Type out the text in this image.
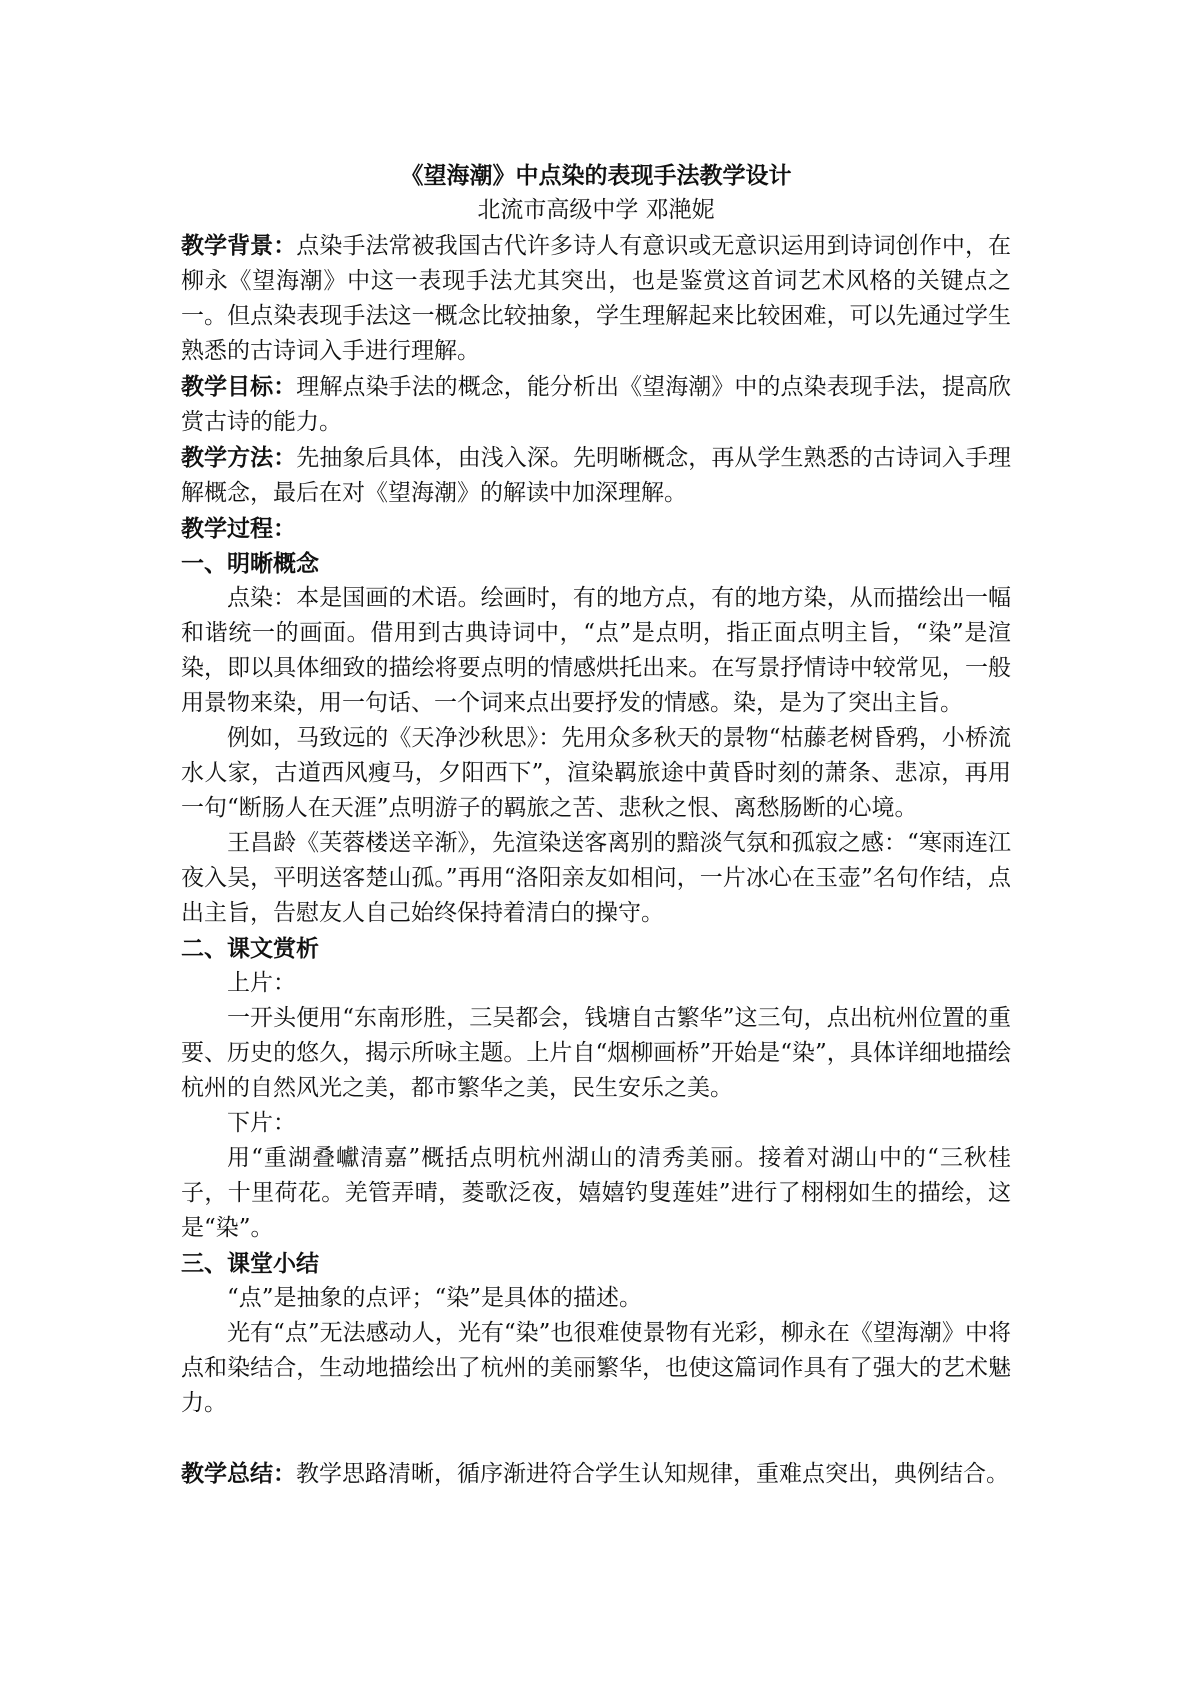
《望海潮》中点染的表现手法教学设计

北流市高级中学 邓滟妮

教学背景：点染手法常被我国古代许多诗人有意识或无意识运用到诗词创作中，在柳永《望海潮》中这一表现手法尤其突出，也是鉴赏这首词艺术风格的关键点之一。但点染表现手法这一概念比较抽象，学生理解起来比较困难，可以先通过学生熟悉的古诗词入手进行理解。

教学目标：理解点染手法的概念，能分析出《望海潮》中的点染表现手法，提高欣赏古诗的能力。

教学方法：先抽象后具体，由浅入深。先明晰概念，再从学生熟悉的古诗词入手理解概念，最后在对《望海潮》的解读中加深理解。

教学过程：

一、明晰概念

点染：本是国画的术语。绘画时，有的地方点，有的地方染，从而描绘出一幅和谐统一的画面。借用到古典诗词中，“点”是点明，指正面点明主旨，“染”是渲染，即以具体细致的描绘将要点明的情感烘托出来。在写景抒情诗中较常见，一般用景物来染，用一句话、一个词来点出要抒发的情感。染，是为了突出主旨。

例如，马致远的《天净沙秋思》：先用众多秋天的景物“枯藤老树昏鸦，小桥流水人家，古道西风瘦马，夕阳西下”，渲染羁旅途中黄昏时刻的萧条、悲凉，再用一句“断肠人在天涯”点明游子的羁旅之苦、悲秋之恨、离愁肠断的心境。

王昌龄《芙蓉楼送辛渐》，先渲染送客离别的黯淡气氛和孤寂之感：“寒雨连江夜入吴，平明送客楚山孤。”再用“洛阳亲友如相问，一片冰心在玉壶”名句作结，点出主旨，告慰友人自己始终保持着清白的操守。

二、课文赏析

上片：

一开头便用“东南形胜，三吴都会，钱塘自古繁华”这三句，点出杭州位置的重要、历史的悠久，揭示所咏主题。上片自“烟柳画桥”开始是“染”，具体详细地描绘杭州的自然风光之美，都市繁华之美，民生安乐之美。

下片：

用“重湖叠巘清嘉”概括点明杭州湖山的清秀美丽。接着对湖山中的“三秋桂子，十里荷花。羌管弄晴，菱歌泛夜，嬉嬉钓叟莲娃”进行了栩栩如生的描绘，这是“染”。

三、课堂小结

“点”是抽象的点评；“染”是具体的描述。

光有“点”无法感动人，光有“染”也很难使景物有光彩，柳永在《望海潮》中将点和染结合，生动地描绘出了杭州的美丽繁华，也使这篇词作具有了强大的艺术魅力。

教学总结：教学思路清晰，循序渐进符合学生认知规律，重难点突出，典例结合。
